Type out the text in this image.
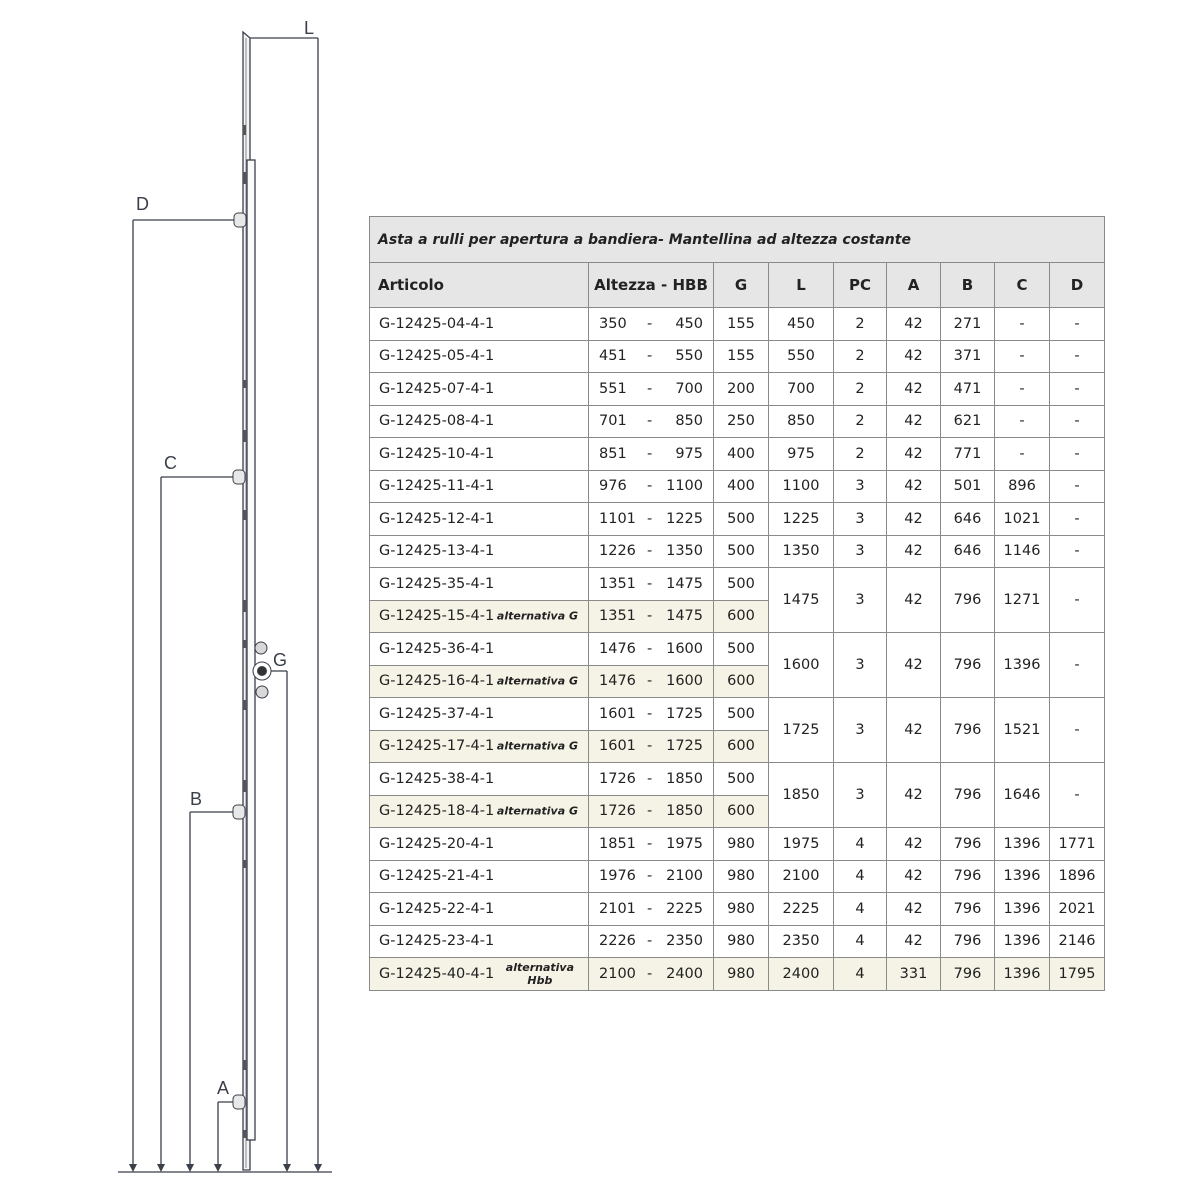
L
D
C
G
B
A
Asta a rulli per apertura a bandiera- Mantellina ad altezza costante								
Articolo	Altezza - HBB	G	L	PC	A	B	C	D
G-12425-04-4-1	350 - 450	155	450	2	42	271	-	-
G-12425-05-4-1	451 - 550	155	550	2	42	371	-	-
G-12425-07-4-1	551 - 700	200	700	2	42	471	-	-
G-12425-08-4-1	701 - 850	250	850	2	42	621	-	-
G-12425-10-4-1	851 - 975	400	975	2	42	771	-	-
G-12425-11-4-1	976 - 1100	400	1100	3	42	501	896	-
G-12425-12-4-1	1101 - 1225	500	1225	3	42	646	1021	-
G-12425-13-4-1	1226 - 1350	500	1350	3	42	646	1146	-
G-12425-35-4-1	1351 - 1475	500	1475	3	42	796	1271	-
G-12425-15-4-1 alternativa G	1351 - 1475	600						
G-12425-36-4-1	1476 - 1600	500	1600	3	42	796	1396	-
G-12425-16-4-1 alternativa G	1476 - 1600	600						
G-12425-37-4-1	1601 - 1725	500	1725	3	42	796	1521	-
G-12425-17-4-1 alternativa G	1601 - 1725	600						
G-12425-38-4-1	1726 - 1850	500	1850	3	42	796	1646	-
G-12425-18-4-1 alternativa G	1726 - 1850	600						
G-12425-20-4-1	1851 - 1975	980	1975	4	42	796	1396	1771
G-12425-21-4-1	1976 - 2100	980	2100	4	42	796	1396	1896
G-12425-22-4-1	2101 - 2225	980	2225	4	42	796	1396	2021
G-12425-23-4-1	2226 - 2350	980	2350	4	42	796	1396	2146
G-12425-40-4-1 alternativa
Hbb	2100 - 2400	980	2400	4	331	796	1396	1795
